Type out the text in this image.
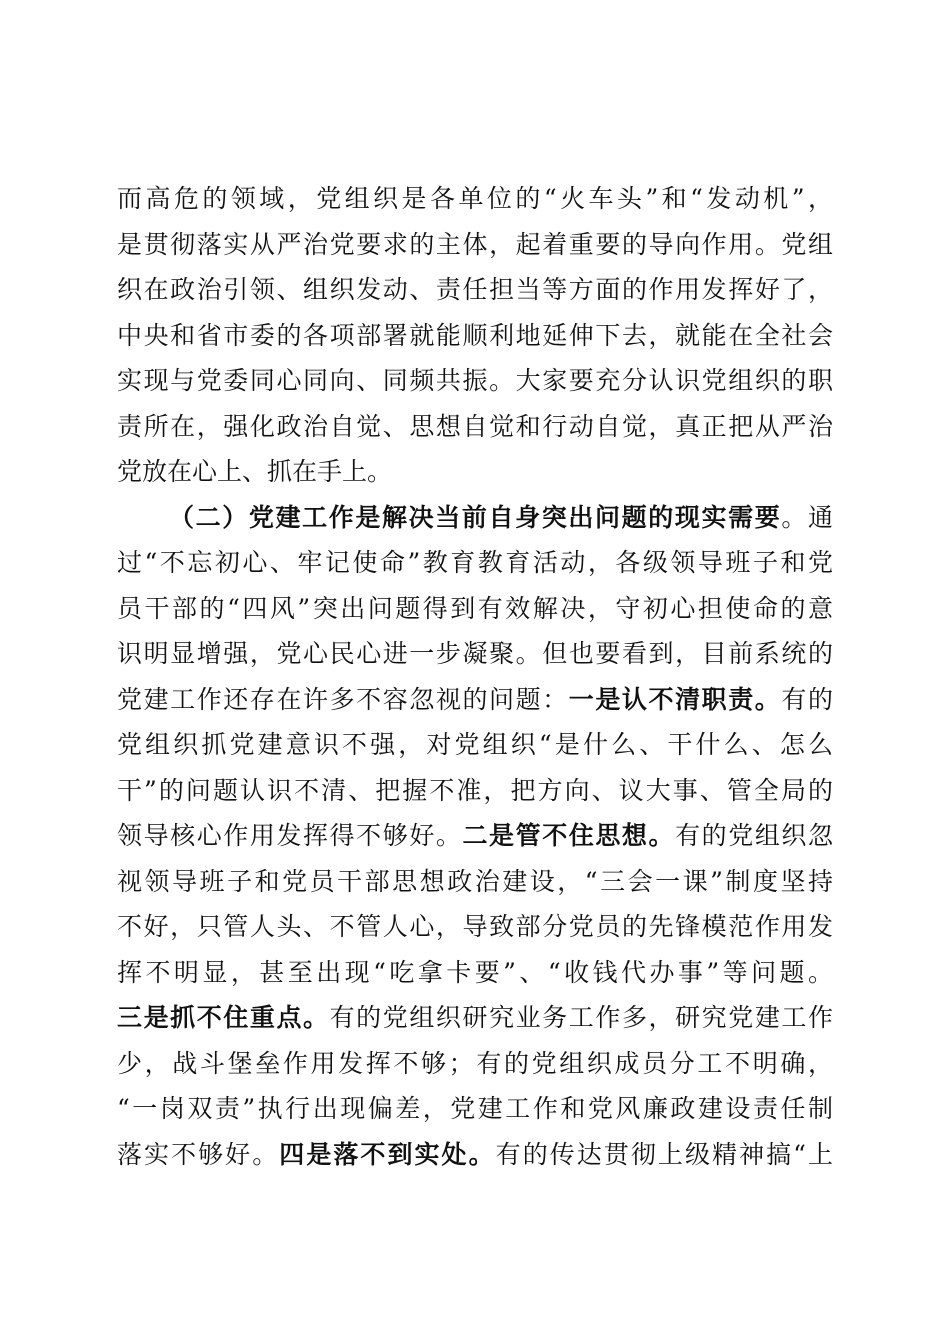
而高危的领域，党组织是各单位的“火车头”和“发动机”，
是贯彻落实从严治党要求的主体，起着重要的导向作用。党组
织在政治引领、组织发动、责任担当等方面的作用发挥好了，
中央和省市委的各项部署就能顺利地延伸下去，就能在全社会
实现与党委同心同向、同频共振。大家要充分认识党组织的职
责所在，强化政治自觉、思想自觉和行动自觉，真正把从严治
党放在心上、抓在手上。
（二）党建工作是解决当前自身突出问题的现实需要。通
过“不忘初心、牢记使命”教育教育活动，各级领导班子和党
员干部的“四风”突出问题得到有效解决，守初心担使命的意
识明显增强，党心民心进一步凝聚。但也要看到，目前系统的
党建工作还存在许多不容忽视的问题：一是认不清职责。有的
党组织抓党建意识不强，对党组织“是什么、干什么、怎么
干”的问题认识不清、把握不准，把方向、议大事、管全局的
领导核心作用发挥得不够好。二是管不住思想。有的党组织忽
视领导班子和党员干部思想政治建设，“三会一课”制度坚持
不好，只管人头、不管人心，导致部分党员的先锋模范作用发
挥不明显，甚至出现“吃拿卡要”、“收钱代办事”等问题。
三是抓不住重点。有的党组织研究业务工作多，研究党建工作
少，战斗堡垒作用发挥不够；有的党组织成员分工不明确，
“一岗双责”执行出现偏差，党建工作和党风廉政建设责任制
落实不够好。四是落不到实处。有的传达贯彻上级精神搞“上
